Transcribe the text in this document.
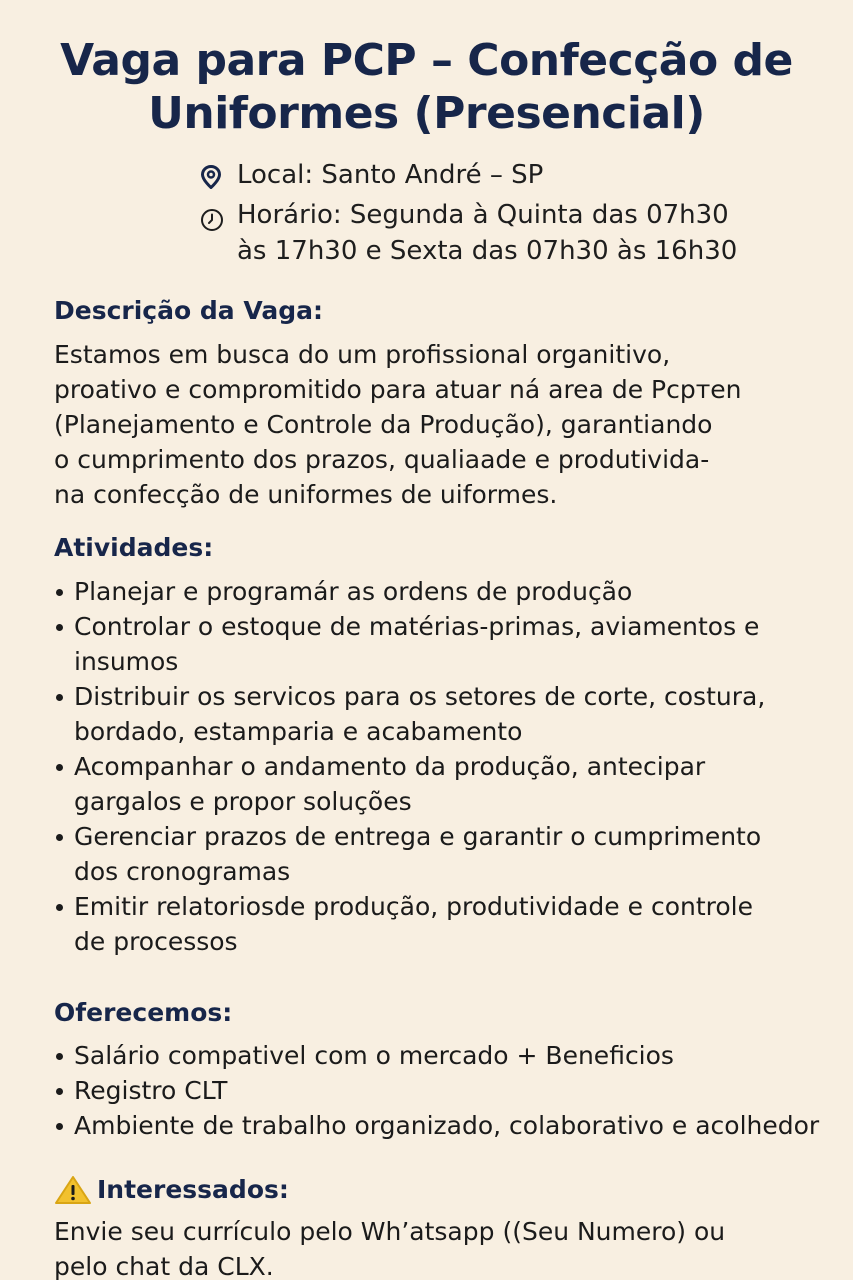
Vaga para PCP – Confecção de
Uniformes (Presencial)
Local: Santo André – SP
Horário: Segunda à Quinta das 07h30
às 17h30 e Sexta das 07h30 às 16h30
Descrição da Vaga:
Estamos em busca do um profissional organitivo,
proativo e compromitido para atuar ná area de Pcpтen
(Planejamento e Controle da Produção), garantiando
o cumprimento dos prazos, qualiaade e produtivida-
na confecção de uniformes de uiformes.
Atividades:
Planejar e programár as ordens de produção
Controlar o estoque de matérias-primas, aviamentos e
insumos
Distribuir os servicos para os setores de corte, costura,
bordado, estamparia e acabamento
Acompanhar o andamento da produção, antecipar
gargalos e propor soluções
Gerenciar prazos de entrega e garantir o cumprimento
dos cronogramas
Emitir relatoriosde produção, produtividade e controle
de processos
Oferecemos:
Salário compativel com o mercado + Beneficios
Registro CLT
Ambiente de trabalho organizado, colaborativo e acolhedor
Interessados:
Envie seu currículo pelo Wh’atsapp ((Seu Numero) ou
pelo chat da CLX.
